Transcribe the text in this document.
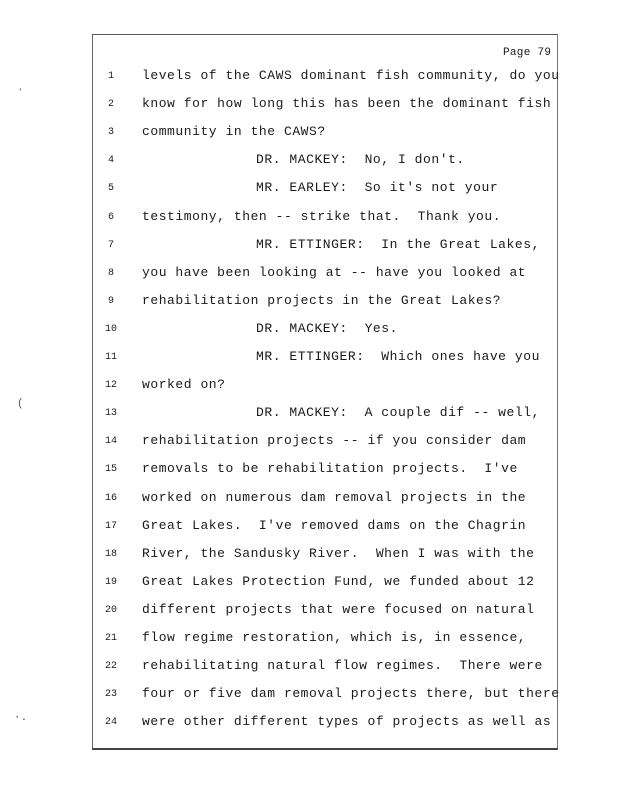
Page 79
1	levels of the CAWS dominant fish community, do you
2	know for how long this has been the dominant fish
3	community in the CAWS?
4	DR. MACKEY:  No, I don't.
5	MR. EARLEY:  So it's not your
6	testimony, then -- strike that.  Thank you.
7	MR. ETTINGER:  In the Great Lakes,
8	you have been looking at -- have you looked at
9	rehabilitation projects in the Great Lakes?
10	DR. MACKEY:  Yes.
11	MR. ETTINGER:  Which ones have you
12	worked on?
13	DR. MACKEY:  A couple dif -- well,
14	rehabilitation projects -- if you consider dam
15	removals to be rehabilitation projects.  I've
16	worked on numerous dam removal projects in the
17	Great Lakes.  I've removed dams on the Chagrin
18	River, the Sandusky River.  When I was with the
19	Great Lakes Protection Fund, we funded about 12
20	different projects that were focused on natural
21	flow regime restoration, which is, in essence,
22	rehabilitating natural flow regimes.  There were
23	four or five dam removal projects there, but there
24	were other different types of projects as well as
ʻ
(
·.
